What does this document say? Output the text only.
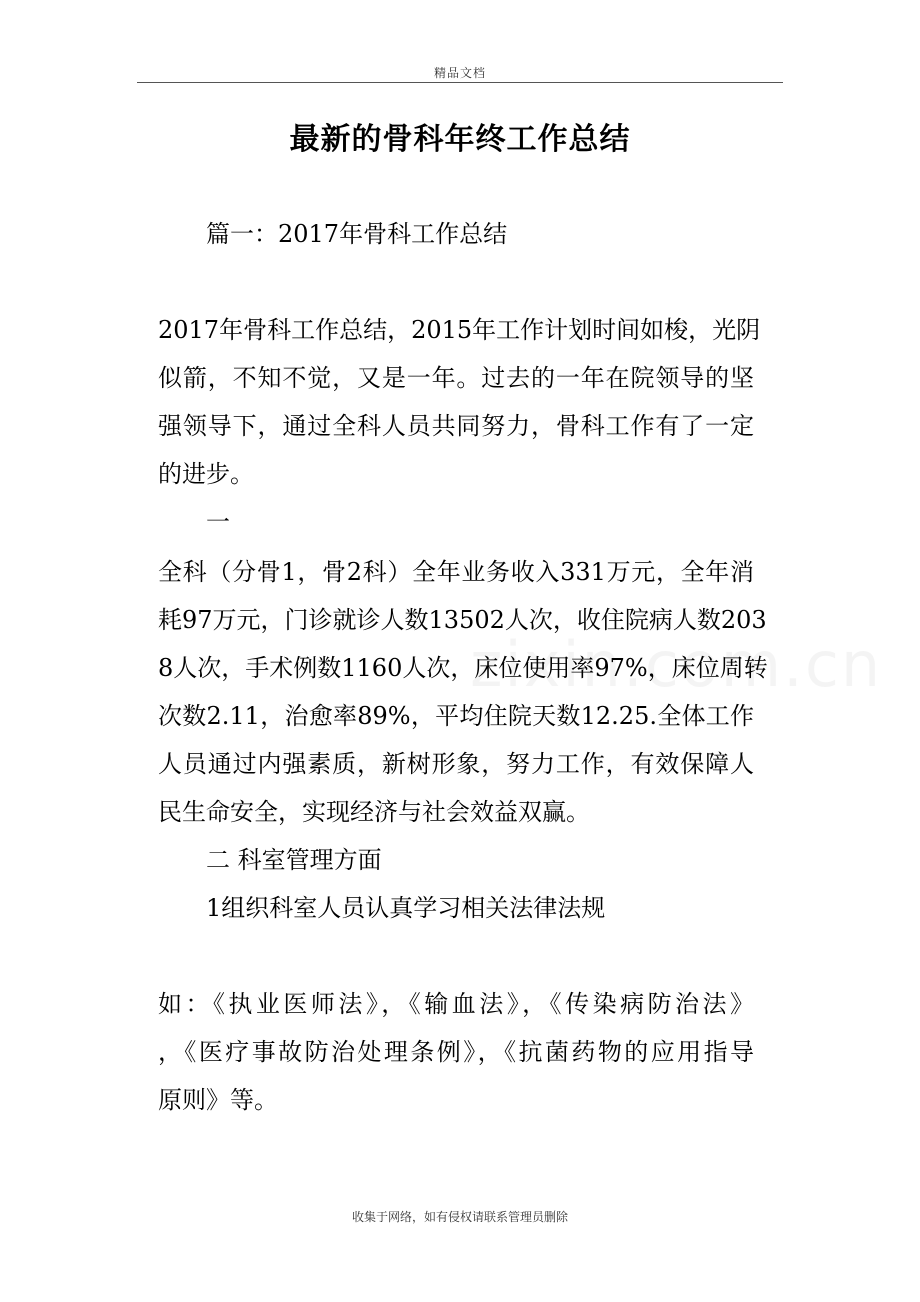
精品文档
最新的骨科年终工作总结
篇一：2017年骨科工作总结
2017年骨科工作总结，2015年工作计划时间如梭，光阴
似箭，不知不觉，又是一年。过去的一年在院领导的坚
强领导下，通过全科人员共同努力，骨科工作有了一定
的进步。
一
全科（分骨1，骨2科）全年业务收入331万元，全年消
耗97万元，门诊就诊人数13502人次，收住院病人数203
8人次，手术例数1160人次，床位使用率97%，床位周转
次数2.11，治愈率89%，平均住院天数12.25.全体工作
人员通过内强素质，新树形象，努力工作，有效保障人
民生命安全，实现经济与社会效益双赢。
二 科室管理方面
1组织科室人员认真学习相关法律法规
如：《执业医师法》，《输血法》，《传染病防治法》
，《医疗事故防治处理条例》，《抗菌药物的应用指导
原则》等。
收集于网络，如有侵权请联系管理员删除
